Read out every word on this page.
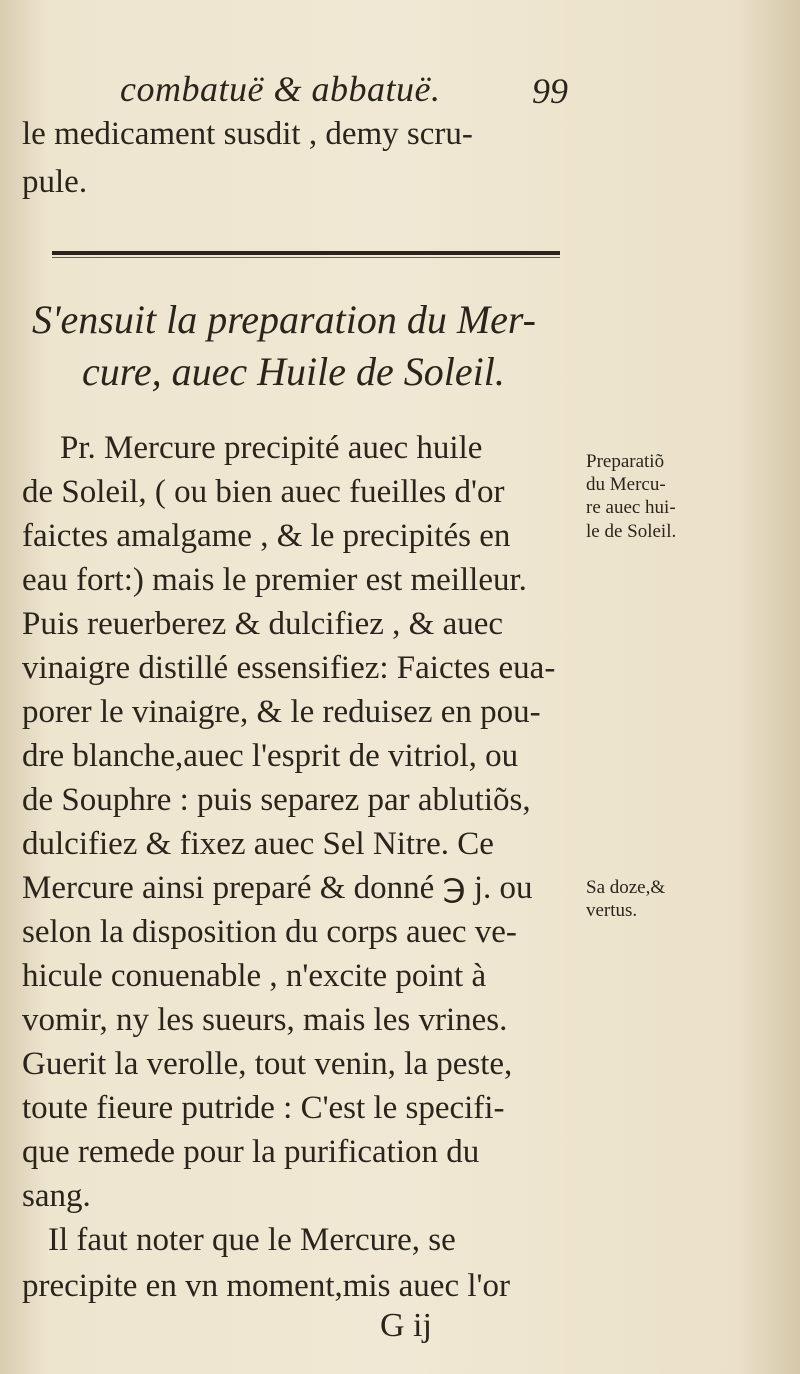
combatuë & abbatuë.	99
le medicament susdit , demy scru-
pule.
S'ensuit la preparation du Mer-
cure, auec Huile de Soleil.
Pr. Mercure precipité auec huile
de Soleil, ( ou bien auec fueilles d'or
faictes amalgame , & le precipités en
eau fort:) mais le premier est meilleur.
Puis reuerberez & dulcifiez , & auec
vinaigre distillé essensifiez: Faictes eua-
porer le vinaigre, & le reduisez en pou-
dre blanche,auec l'esprit de vitriol, ou
de Souphre : puis separez par ablutiõs,
dulcifiez & fixez auec Sel Nitre. Ce
Mercure ainsi preparé & donné ℈ j. ou
selon la disposition du corps auec ve-
hicule conuenable , n'excite point à
vomir, ny les sueurs, mais les vrines.
Guerit la verolle, tout venin, la peste,
toute fieure putride : C'est le specifi-
que remede pour la purification du
sang.
Preparatiõ
du Mercu-
re auec hui-
le de Soleil.
Sa doze,&
vertus.
G ij
Il faut noter que le Mercure, se
precipite en vn moment,mis auec l'or
